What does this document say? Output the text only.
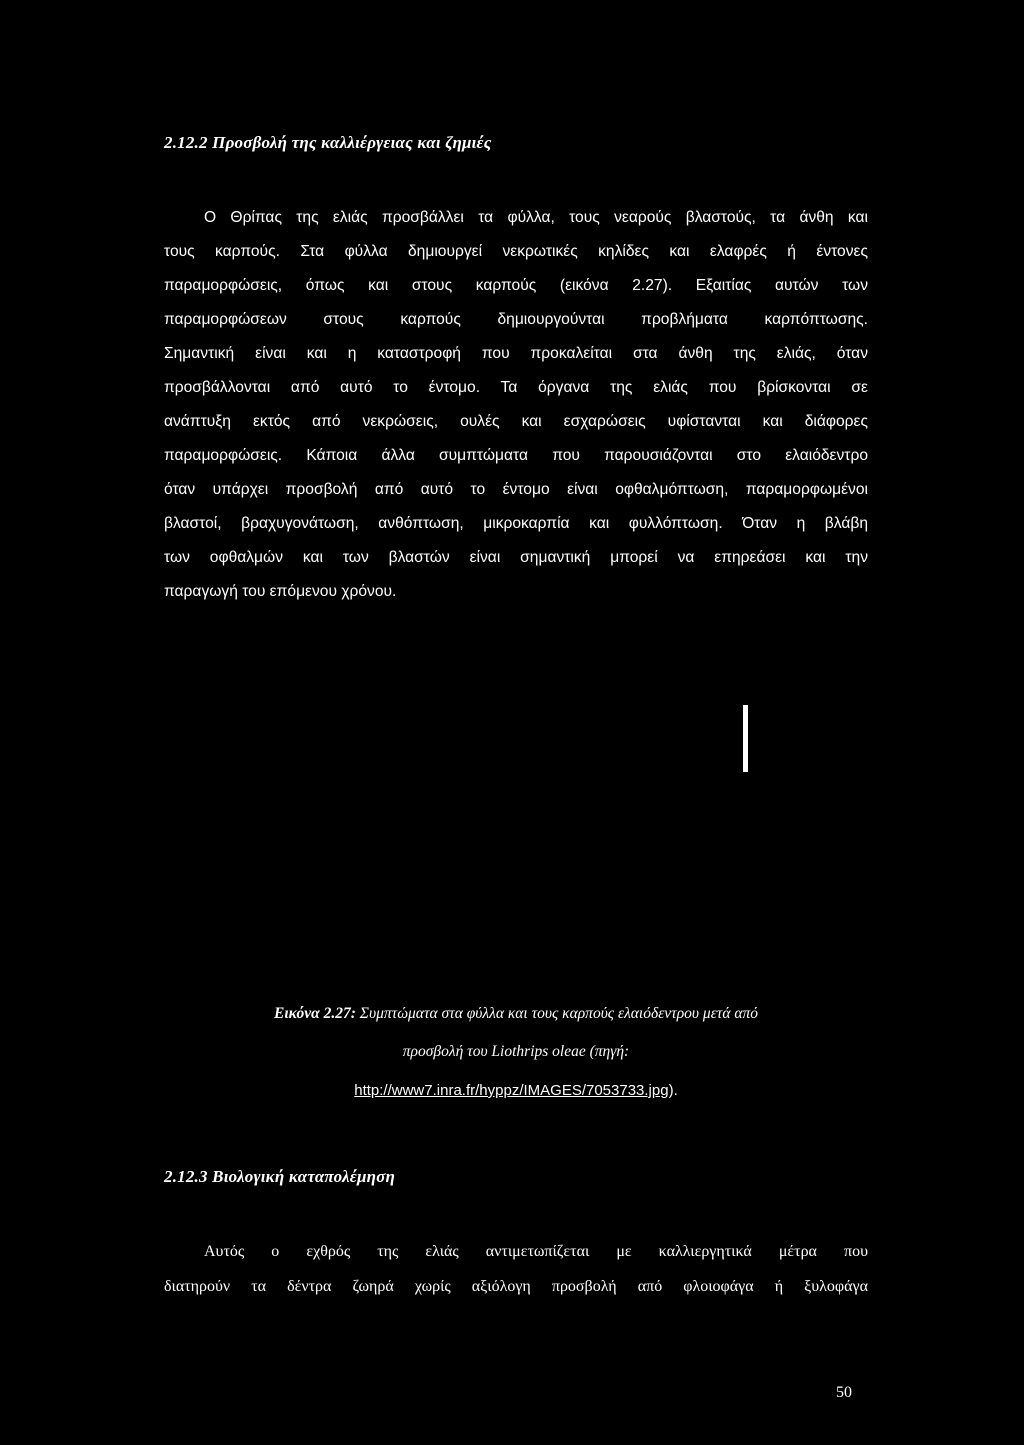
2.12.2 Προσβολή της καλλιέργειας και ζημιές
Ο Θρίπας της ελιάς προσβάλλει τα φύλλα, τους νεαρούς βλαστούς, τα άνθη και
τους καρπούς. Στα φύλλα δημιουργεί νεκρωτικές κηλίδες και ελαφρές ή έντονες
παραμορφώσεις, όπως και στους καρπούς (εικόνα 2.27). Εξαιτίας αυτών των
παραμορφώσεων στους καρπούς δημιουργούνται προβλήματα καρπόπτωσης.
Σημαντική είναι και η καταστροφή που προκαλείται στα άνθη της ελιάς, όταν
προσβάλλονται από αυτό το έντομο. Τα όργανα της ελιάς που βρίσκονται σε
ανάπτυξη εκτός από νεκρώσεις, ουλές και εσχαρώσεις υφίστανται και διάφορες
παραμορφώσεις. Κάποια άλλα συμπτώματα που παρουσιάζονται στο ελαιόδεντρο
όταν υπάρχει προσβολή από αυτό το έντομο είναι οφθαλμόπτωση, παραμορφωμένοι
βλαστοί, βραχυγονάτωση, ανθόπτωση, μικροκαρπία και φυλλόπτωση. Όταν η βλάβη
των οφθαλμών και των βλαστών είναι σημαντική μπορεί να επηρεάσει και την
παραγωγή του επόμενου χρόνου.
Εικόνα 2.27: Συμπτώματα στα φύλλα και τους καρπούς ελαιόδεντρου μετά από
προσβολή του Liothrips oleae (πηγή:
http://www7.inra.fr/hyppz/IMAGES/7053733.jpg).
2.12.3 Βιολογική καταπολέμηση
Αυτός ο εχθρός της ελιάς αντιμετωπίζεται με καλλιεργητικά μέτρα που
διατηρούν τα δέντρα ζωηρά χωρίς αξιόλογη προσβολή από φλοιοφάγα ή ξυλοφάγα
50
